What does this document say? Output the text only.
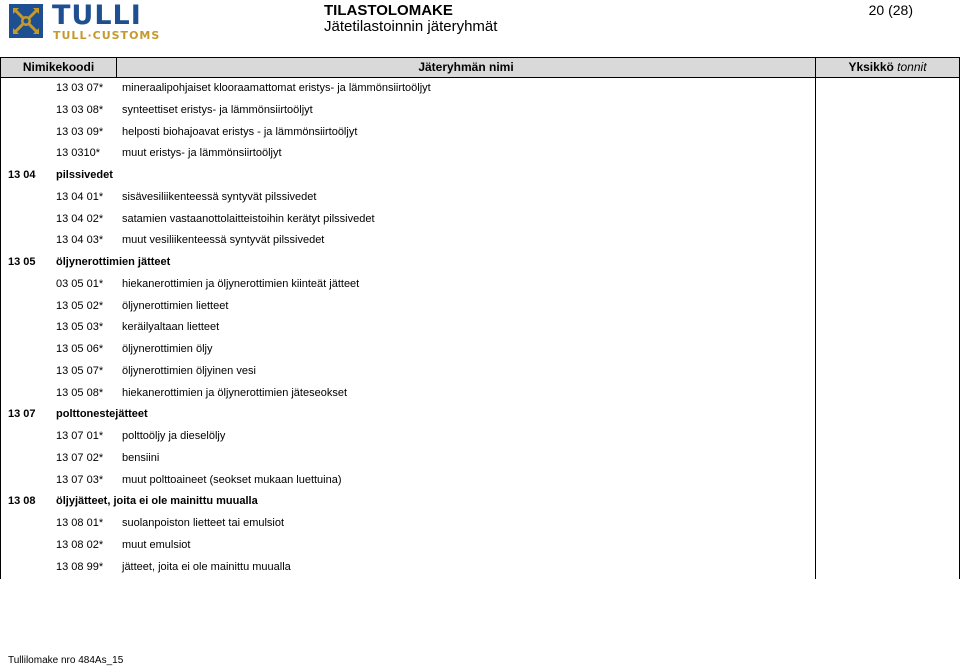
TULLI
TULL·CUSTOMS
TILASTOLOMAKE
Jätetilastoinnin jäteryhmät
20 (28)
Nimikekoodi	Jäteryhmän nimi	Yksikkö tonnit
13 03 07* mineraalipohjaiset klooraamattomat eristys- ja lämmönsiirtoöljyt
13 03 08* synteettiset eristys- ja lämmönsiirtoöljyt
13 03 09* helposti biohajoavat eristys - ja lämmönsiirtoöljyt
13 0310* muut eristys- ja lämmönsiirtoöljyt
13 04 pilssivedet
13 04 01* sisävesiliikenteessä syntyvät pilssivedet
13 04 02* satamien vastaanottolaitteistoihin kerätyt pilssivedet
13 04 03* muut vesiliikenteessä syntyvät pilssivedet
13 05 öljynerottimien jätteet
03 05 01* hiekanerottimien ja öljynerottimien kiinteät jätteet
13 05 02* öljynerottimien lietteet
13 05 03* keräilyaltaan lietteet
13 05 06* öljynerottimien öljy
13 05 07* öljynerottimien öljyinen vesi
13 05 08* hiekanerottimien ja öljynerottimien jäteseokset
13 07 polttonestejätteet
13 07 01* polttoöljy ja dieselöljy
13 07 02* bensiini
13 07 03* muut polttoaineet (seokset mukaan luettuina)
13 08 öljyjätteet, joita ei ole mainittu muualla
13 08 01* suolanpoiston lietteet tai emulsiot
13 08 02* muut emulsiot
13 08 99* jätteet, joita ei ole mainittu muualla
Tullilomake nro 484As_15
